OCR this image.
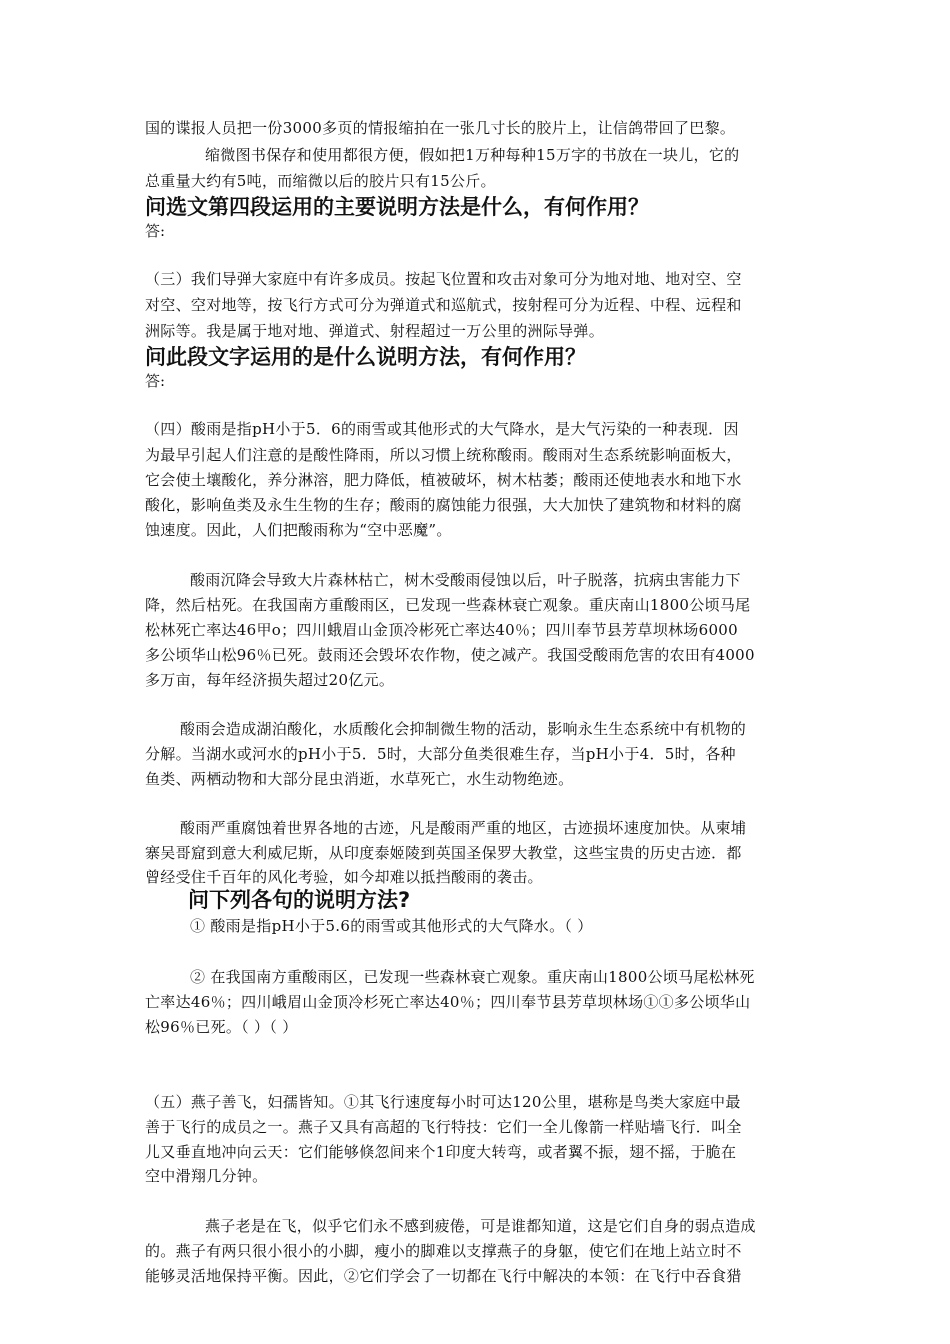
国的谍报人员把一份3000多页的情报缩拍在一张几寸长的胶片上，让信鸽带回了巴黎。
缩微图书保存和使用都很方便，假如把1万种每种15万字的书放在一块儿，它的
总重量大约有5吨，而缩微以后的胶片只有15公斤。
问选文第四段运用的主要说明方法是什么，有何作用？
答:
（三）我们导弹大家庭中有许多成员。按起飞位置和攻击对象可分为地对地、地对空、空
对空、空对地等，按飞行方式可分为弹道式和巡航式，按射程可分为近程、中程、远程和
洲际等。我是属于地对地、弹道式、射程超过一万公里的洲际导弹。
问此段文字运用的是什么说明方法，有何作用？
答:
（四）酸雨是指pH小于5．6的雨雪或其他形式的大气降水，是大气污染的一种表现．因
为最早引起人们注意的是酸性降雨，所以习惯上统称酸雨。酸雨对生态系统影响面板大，
它会使土壤酸化，养分淋溶，肥力降低，植被破坏，树木枯萎；酸雨还使地表水和地下水
酸化，影响鱼类及永生生物的生存；酸雨的腐蚀能力很强，大大加快了建筑物和材料的腐
蚀速度。因此，人们把酸雨称为“空中恶魔”。
酸雨沉降会导致大片森林枯亡，树木受酸雨侵蚀以后，叶子脱落，抗病虫害能力下
降，然后枯死。在我国南方重酸雨区，已发现一些森林衰亡观象。重庆南山1800公顷马尾
松林死亡率达46甲o；四川蛾眉山金顶冷彬死亡率达40％；四川奉节县芳草坝林场6000
多公顷华山松96％已死。鼓雨还会毁坏农作物，使之减产。我国受酸雨危害的农田有4000
多万亩，每年经济损失超过20亿元。
酸雨会造成湖泊酸化，水质酸化会抑制微生物的活动，影响永生生态系统中有机物的
分解。当湖水或河水的pH小于5．5时，大部分鱼类很难生存，当pH小于4．5时，各种
鱼类、两栖动物和大部分昆虫消逝，水草死亡，水生动物绝迹。
酸雨严重腐蚀着世界各地的古迹，凡是酸雨严重的地区，古迹损坏速度加快。从柬埔
寨吴哥窟到意大利威尼斯，从印度泰姬陵到英国圣保罗大教堂，这些宝贵的历史古迹．都
曾经受住千百年的风化考验，如今却难以抵挡酸雨的袭击。
问下列各句的说明方法?
① 酸雨是指pH小于5.6的雨雪或其他形式的大气降水。（ ）
② 在我国南方重酸雨区，已发现一些森林衰亡观象。重庆南山1800公顷马尾松林死
亡率达46％；四川峨眉山金顶冷杉死亡率达40％；四川奉节县芳草坝林场①①多公顷华山
松96％已死。（ ）（ ）
（五）燕子善飞，妇孺皆知。①其飞行速度每小时可达120公里，堪称是鸟类大家庭中最
善于飞行的成员之一。燕子又具有高超的飞行特技：它们一全儿像箭一样贴墙飞行．叫全
儿又垂直地冲向云天：它们能够倏忽间来个1印度大转弯，或者翼不振，翅不摇，于脆在
空中滑翔几分钟。
燕子老是在飞，似乎它们永不感到疲倦，可是谁都知道，这是它们自身的弱点造成
的。燕子有两只很小很小的小脚，瘦小的脚难以支撑燕子的身躯，使它们在地上站立时不
能够灵活地保持平衡。因此，②它们学会了一切都在飞行中解决的本领：在飞行中吞食猎
